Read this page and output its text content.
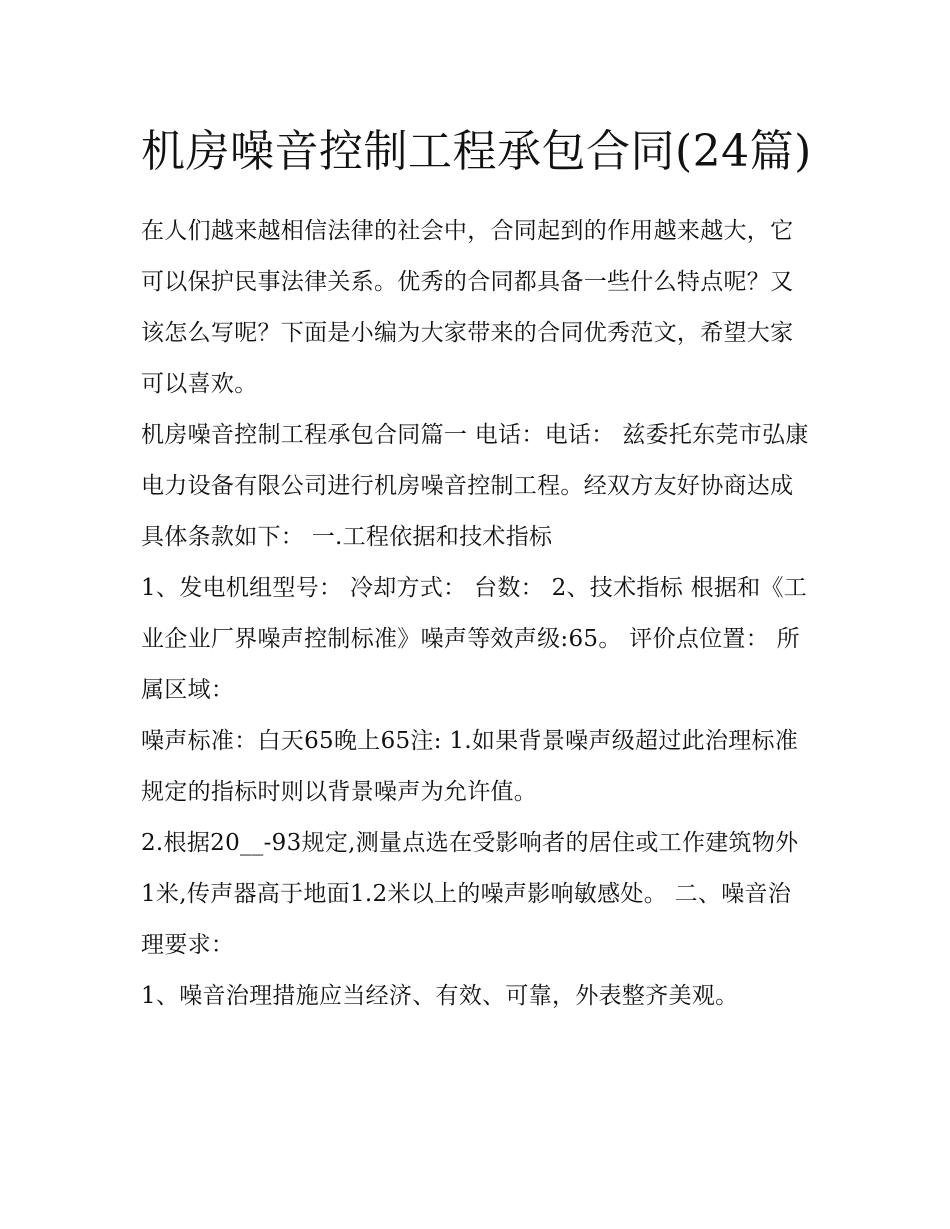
机房噪音控制工程承包合同(24篇)

在人们越来越相信法律的社会中，合同起到的作用越来越大，它可以保护民事法律关系。优秀的合同都具备一些什么特点呢？又该怎么写呢？下面是小编为大家带来的合同优秀范文，希望大家可以喜欢。

机房噪音控制工程承包合同篇一 电话：电话： 兹委托东莞市弘康电力设备有限公司进行机房噪音控制工程。经双方友好协商达成具体条款如下： 一.工程依据和技术指标

1、发电机组型号： 冷却方式： 台数： 2、技术指标 根据和《工业企业厂界噪声控制标准》噪声等效声级:65。 评价点位置： 所属区域：

噪声标准：白天65晚上65注: 1.如果背景噪声级超过此治理标准规定的指标时则以背景噪声为允许值。

2.根据20__-93规定,测量点选在受影响者的居住或工作建筑物外1米,传声器高于地面1.2米以上的噪声影响敏感处。 二、噪音治理要求：

1、噪音治理措施应当经济、有效、可靠，外表整齐美观。
